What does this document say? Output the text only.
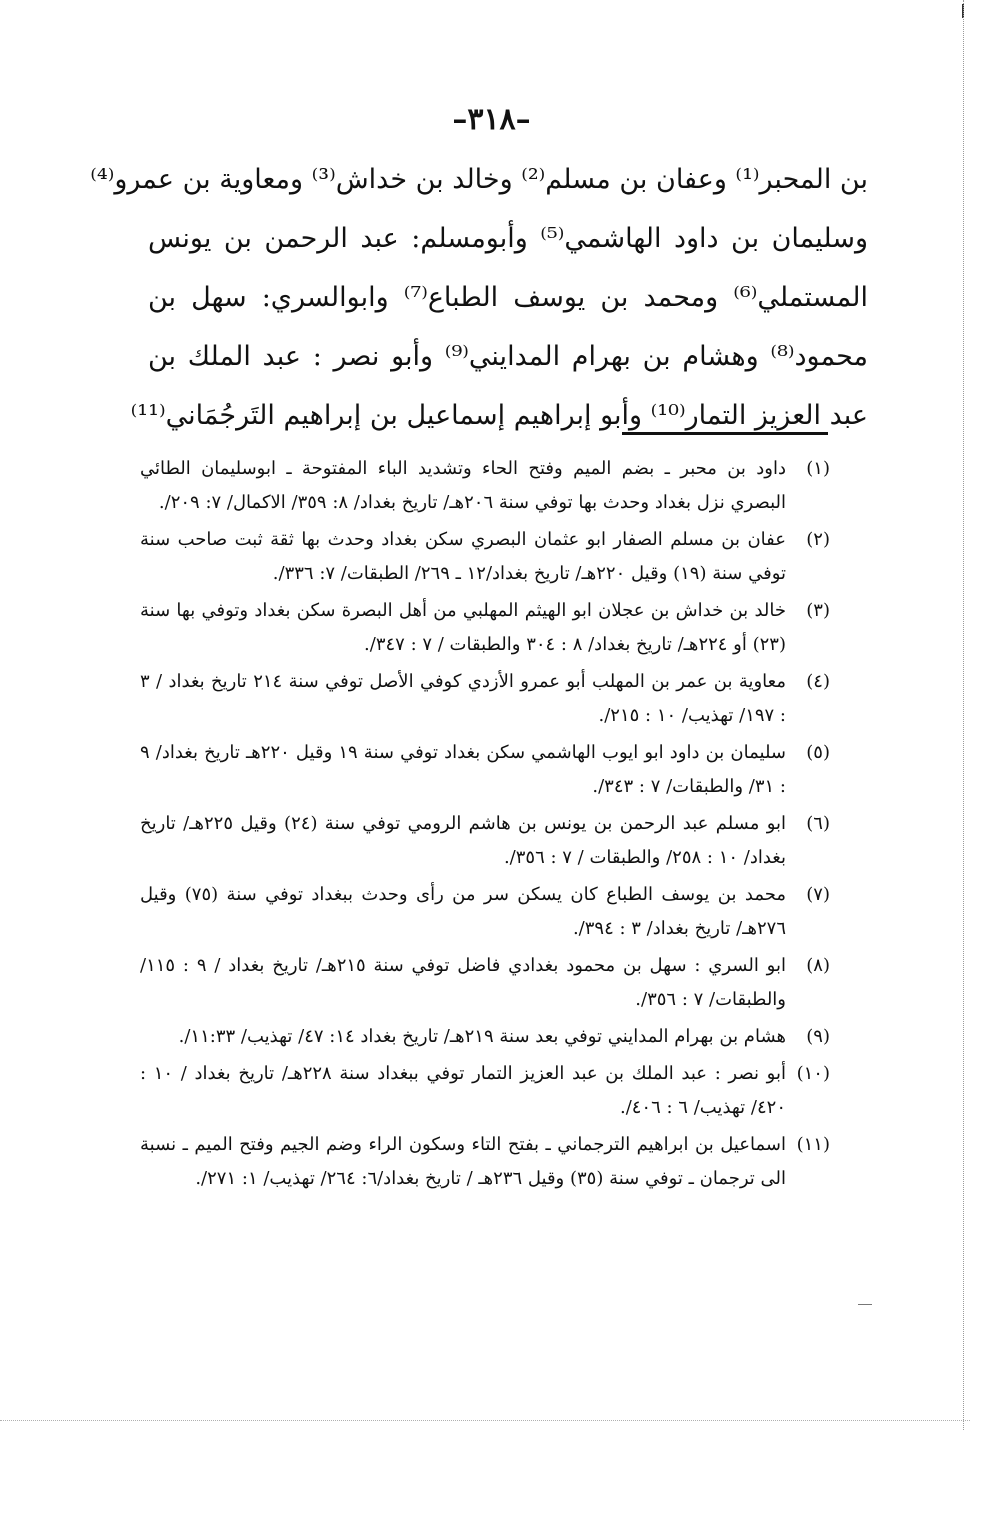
–٣١٨–
بن المحبر⁽¹⁾ وعفان بن مسلم⁽²⁾ وخالد بن خداش⁽³⁾ ومعاوية بن عمرو⁽⁴⁾
وسليمان بن داود الهاشمي⁽⁵⁾ وأبومسلم: عبد الرحمن بن يونس
المستملي⁽⁶⁾ ومحمد بن يوسف الطباع⁽⁷⁾ وابوالسري: سهل بن
محمود⁽⁸⁾ وهشام بن بهرام المدايني⁽⁹⁾ وأبو نصر : عبد الملك بن
عبد العزيز التمار⁽¹⁰⁾ وأبو إبراهيم إسماعيل بن إبراهيم التَرجُمَاني⁽¹¹⁾
(١)
داود بن محبر ـ بضم الميم وفتح الحاء وتشديد الباء المفتوحة ـ ابوسليمان الطائي البصري نزل بغداد وحدث بها توفي سنة ٢٠٦هـ/ تاريخ بغداد/ ٨: ٣٥٩/ الاكمال/ ٧: ٢٠٩/.
(٢)
عفان بن مسلم الصفار ابو عثمان البصري سكن بغداد وحدث بها ثقة ثبت صاحب سنة توفي سنة (١٩) وقيل ٢٢٠هـ/ تاريخ بغداد/١٢ ـ ٢٦٩/ الطبقات/ ٧: ٣٣٦/.
(٣)
خالد بن خداش بن عجلان ابو الهيثم المهلبي من أهل البصرة سكن بغداد وتوفي بها سنة (٢٣) أو ٢٢٤هـ/ تاريخ بغداد/ ٨ : ٣٠٤ والطبقات / ٧ : ٣٤٧/.
(٤)
معاوية بن عمر بن المهلب أبو عمرو الأزدي كوفي الأصل توفي سنة ٢١٤ تاريخ بغداد / ٣ : ١٩٧/ تهذيب/ ١٠ : ٢١٥/.
(٥)
سليمان بن داود ابو ايوب الهاشمي سكن بغداد توفي سنة ١٩ وقيل ٢٢٠هـ تاريخ بغداد/ ٩ : ٣١/ والطبقات/ ٧ : ٣٤٣/.
(٦)
ابو مسلم عبد الرحمن بن يونس بن هاشم الرومي توفي سنة (٢٤) وقيل ٢٢٥هـ/ تاريخ بغداد/ ١٠ : ٢٥٨/ والطبقات / ٧ : ٣٥٦/.
(٧)
محمد بن يوسف الطباع كان يسكن سر من رأى وحدث ببغداد توفي سنة (٧٥) وقيل ٢٧٦هـ/ تاريخ بغداد/ ٣ : ٣٩٤/.
(٨)
ابو السري : سهل بن محمود بغدادي فاضل توفي سنة ٢١٥هـ/ تاريخ بغداد / ٩ : ١١٥/ والطبقات/ ٧ : ٣٥٦/.
(٩)
هشام بن بهرام المدايني توفي بعد سنة ٢١٩هـ/ تاريخ بغداد ١٤: ٤٧/ تهذيب/ ١١:٣٣/.
(١٠)
أبو نصر : عبد الملك بن عبد العزيز التمار توفي ببغداد سنة ٢٢٨هـ/ تاريخ بغداد / ١٠ : ٤٢٠/ تهذيب/ ٦ : ٤٠٦/.
(١١)
اسماعيل بن ابراهيم الترجماني ـ بفتح التاء وسكون الراء وضم الجيم وفتح الميم ـ نسبة الى ترجمان ـ توفي سنة (٣٥) وقيل ٢٣٦هـ / تاريخ بغداد/٦: ٢٦٤/ تهذيب/ ١: ٢٧١/.
